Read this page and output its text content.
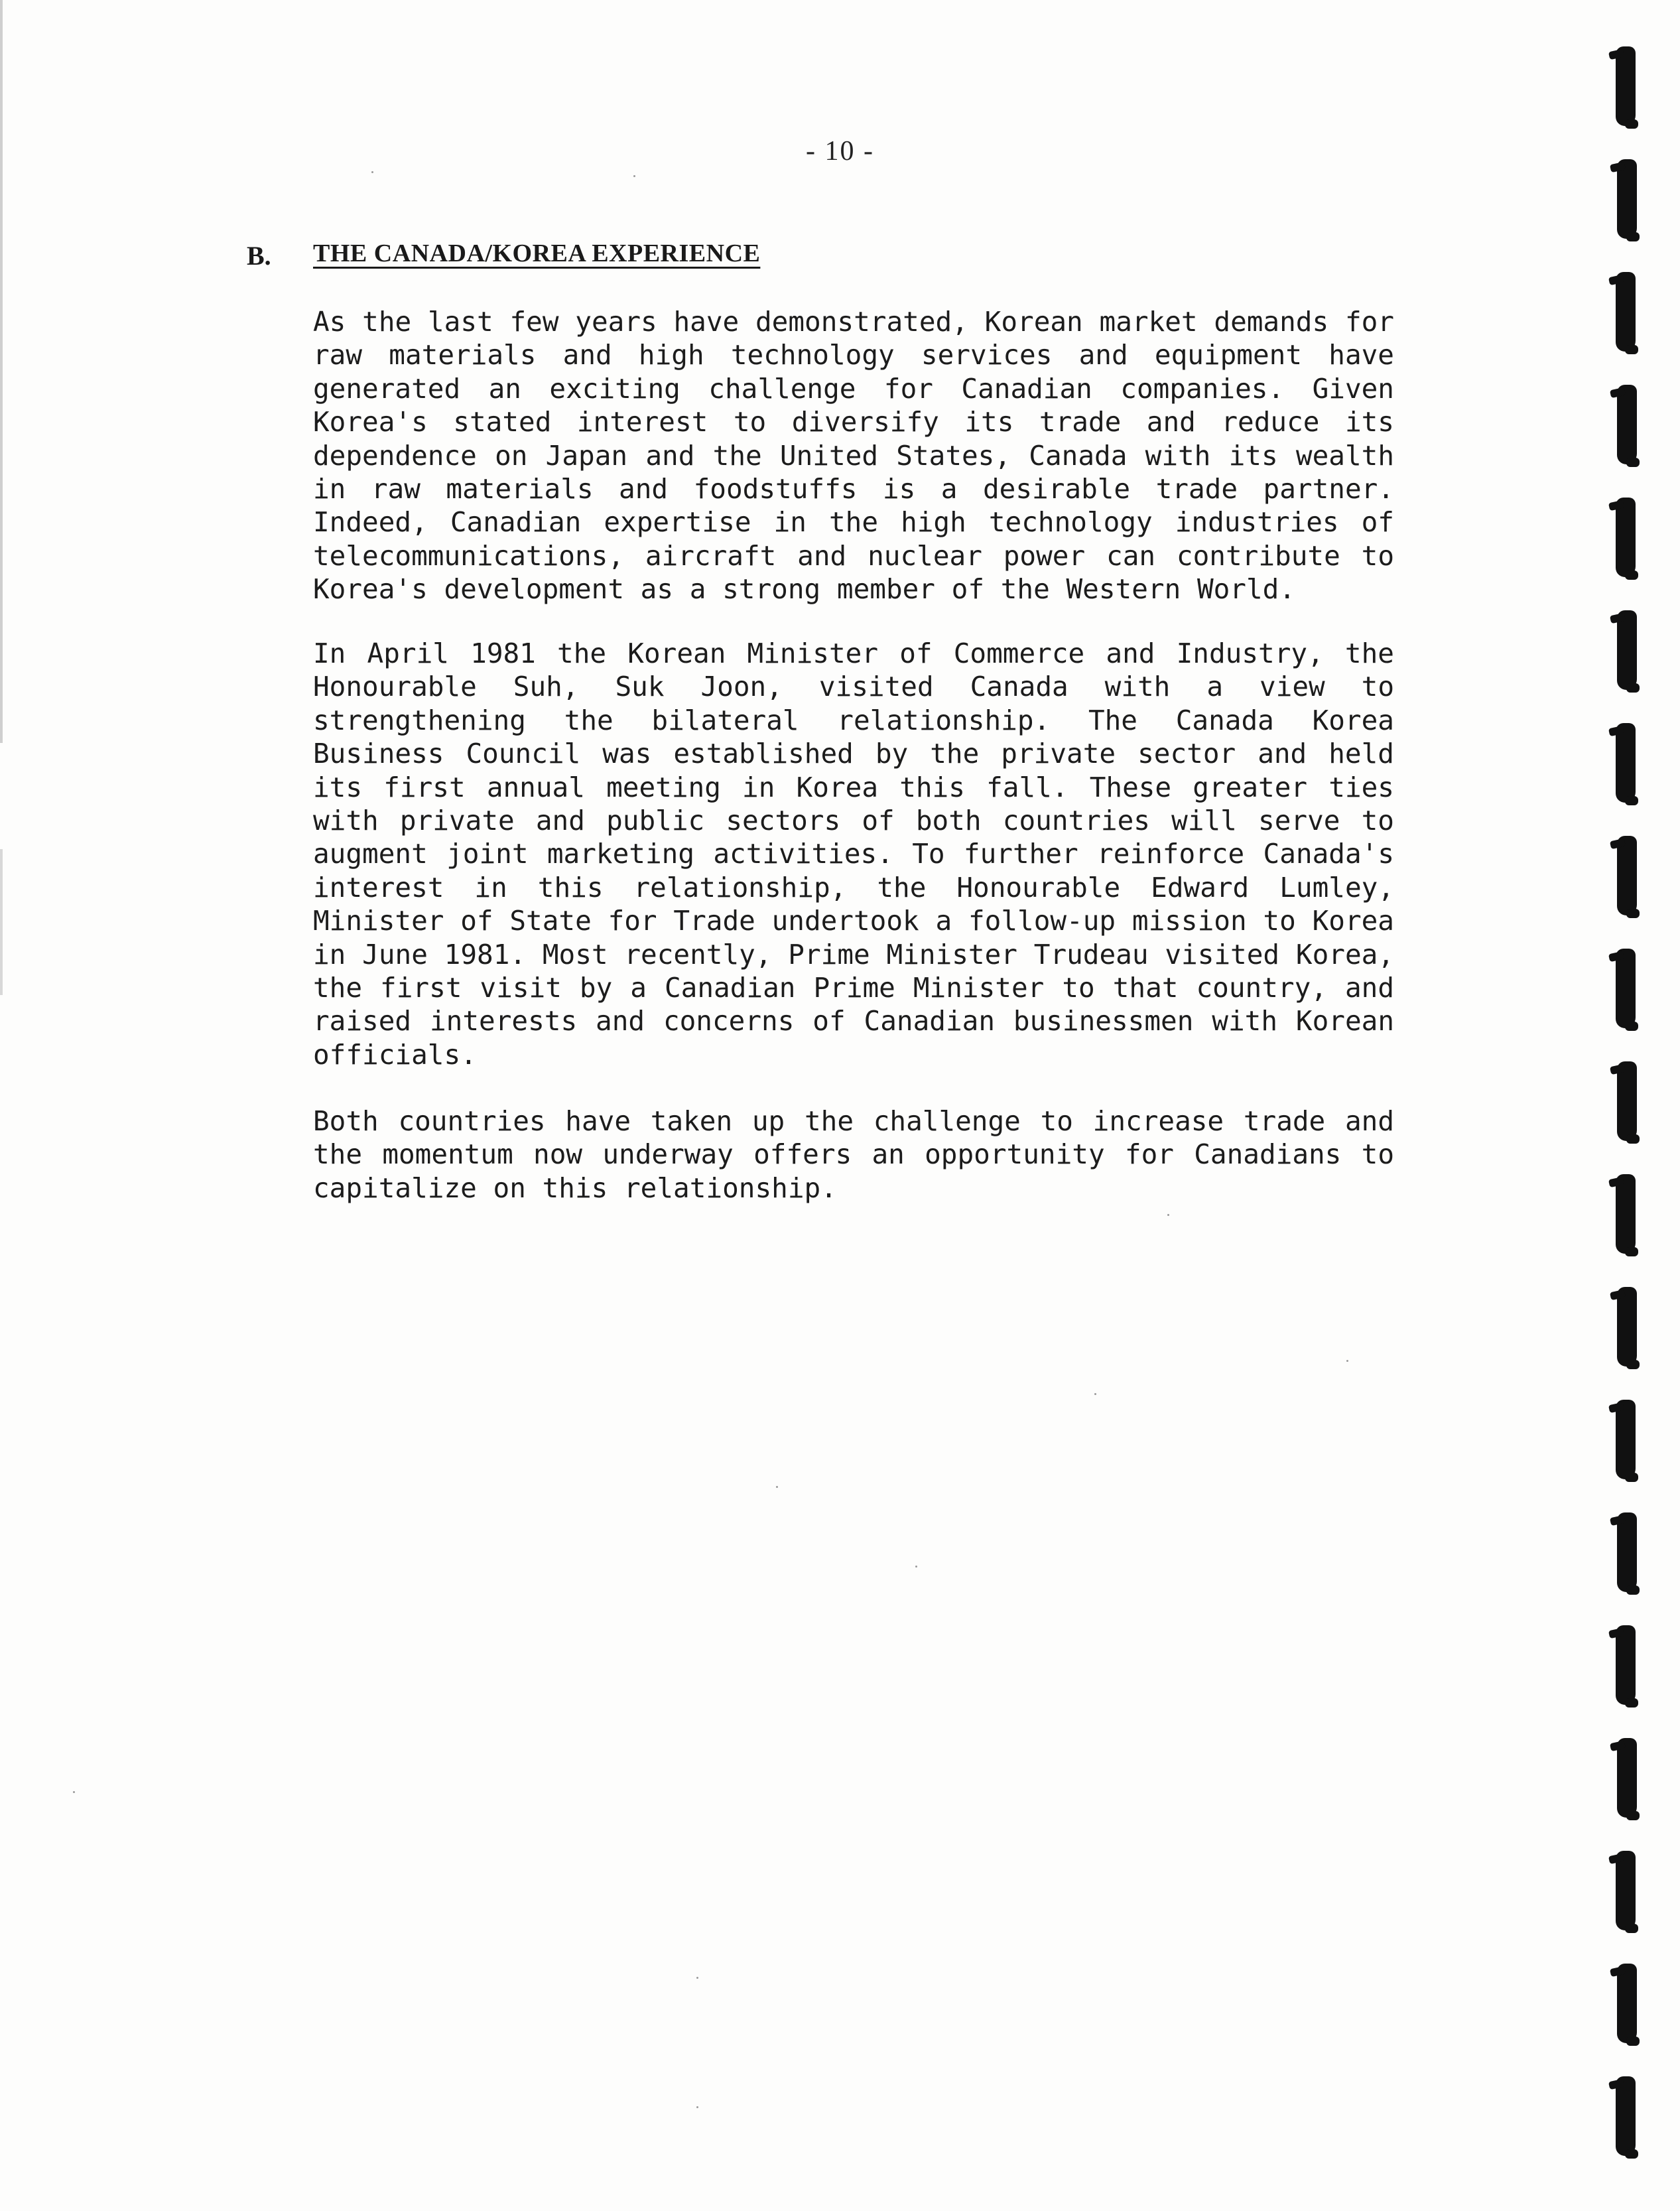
- 10 -
B. THE CANADA/KOREA EXPERIENCE

As the last few years have demonstrated, Korean market demands for raw materials and high technology services and equipment have generated an exciting challenge for Canadian companies. Given Korea's stated interest to diversify its trade and reduce its dependence on Japan and the United States, Canada with its wealth in raw materials and foodstuffs is a desirable trade partner. Indeed, Canadian expertise in the high technology industries of telecommunications, aircraft and nuclear power can contribute to Korea's development as a strong member of the Western World.

In April 1981 the Korean Minister of Commerce and Industry, the Honourable Suh, Suk Joon, visited Canada with a view to strengthening the bilateral relationship. The Canada Korea Business Council was established by the private sector and held its first annual meeting in Korea this fall. These greater ties with private and public sectors of both countries will serve to augment joint marketing activities. To further reinforce Canada's interest in this relationship, the Honourable Edward Lumley, Minister of State for Trade undertook a follow-up mission to Korea in June 1981. Most recently, Prime Minister Trudeau visited Korea, the first visit by a Canadian Prime Minister to that country, and raised interests and concerns of Canadian businessmen with Korean officials.

Both countries have taken up the challenge to increase trade and the momentum now underway offers an opportunity for Canadians to capitalize on this relationship.
